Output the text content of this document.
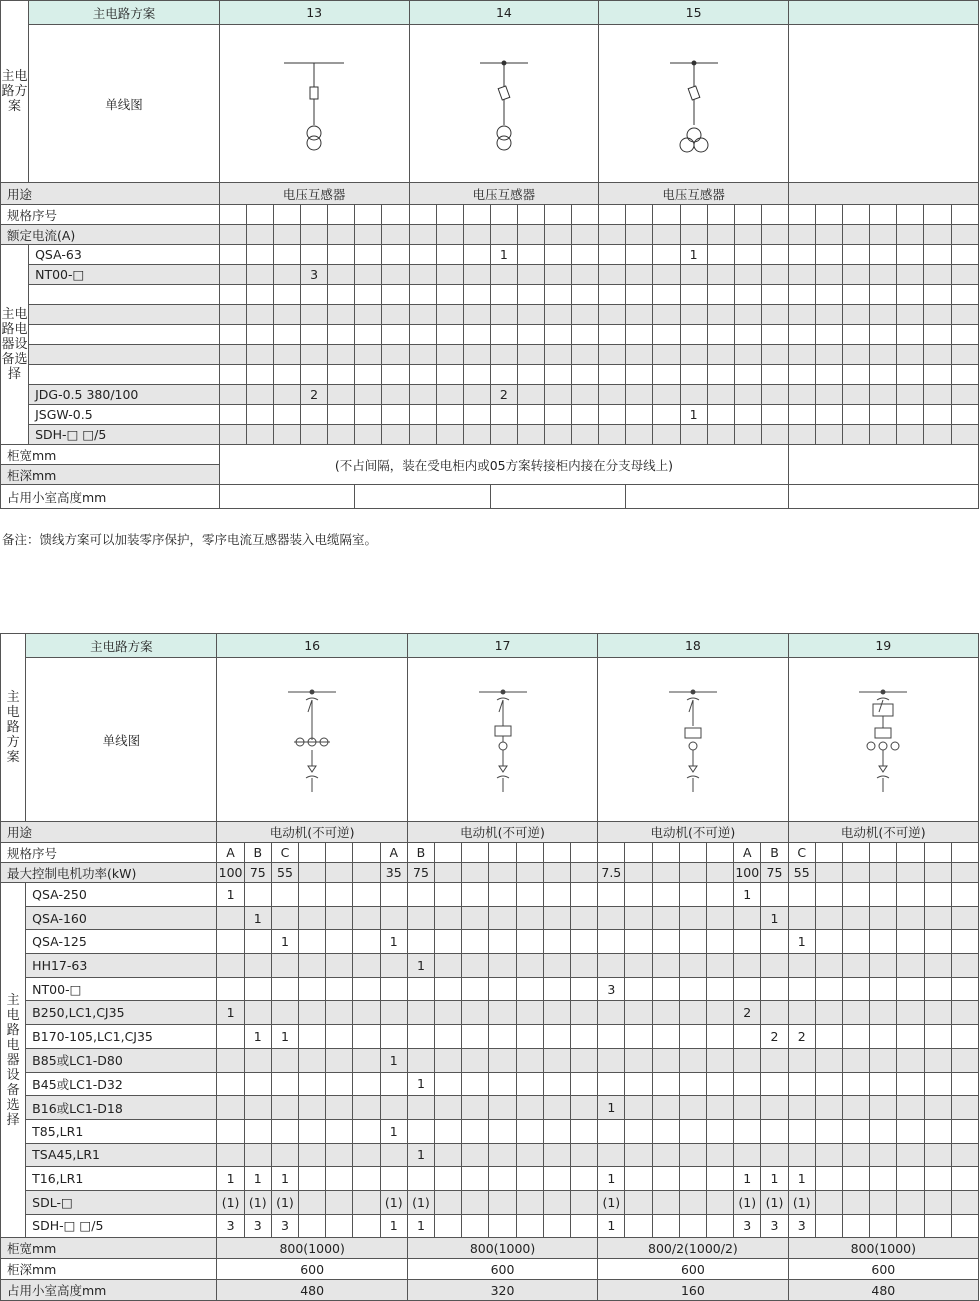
主电路方案	主电路方案	13							14							15													
	单线图	

用途		电压互感器							电压互感器							电压互感器													
规格序号																													
额定电流(A)																													
主电路电器设备选择	QSA-63											1							1										
	NT00-□				3																								

	JDG-0.5 380/100				2							2																	
	JSGW-0.5																		1										
	SDH-□ □/5																												
柜宽mm		(不占间隔，装在受电柜内或05方案转接柜内接在分支母线上)																											
柜深mm																													
占用小室高度mm																													
备注：馈线方案可以加装零序保护，零序电流互感器装入电缆隔室。
主电路方案	主电路方案	16							17							18							19						
	单线图	

用途		电动机(不可逆)							电动机(不可逆)							电动机(不可逆)							电动机(不可逆)						
规格序号		A	B	C				A	B												A	B	C						
最大控制电机功率(kW)		100	75	55				35	75							7.5					100	75	55						
主电路电器设备选择	QSA-250	1																			1								
	QSA-160		1																			1							
	QSA-125			1				1															1						
	HH17-63								1																				
	NT00-□															3													
	B250,LC1,CJ35	1																			2								
	B170-105,LC1,CJ35		1	1																		2	2						
	B85或LC1-D80							1																					
	B45或LC1-D32								1																				
	B16或LC1-D18															1													
	T85,LR1							1																					
	TSA45,LR1								1																				
	T16,LR1	1	1	1												1					1	1	1						
	SDL-□	(1)	(1)	(1)				(1)	(1)							(1)					(1)	(1)	(1)						
	SDH-□ □/5	3	3	3				1	1							1					3	3	3						
柜宽mm		800(1000)							800(1000)							800/2(1000/2)							800(1000)						
柜深mm		600							600							600							600						
占用小室高度mm		480							320							160							480						
